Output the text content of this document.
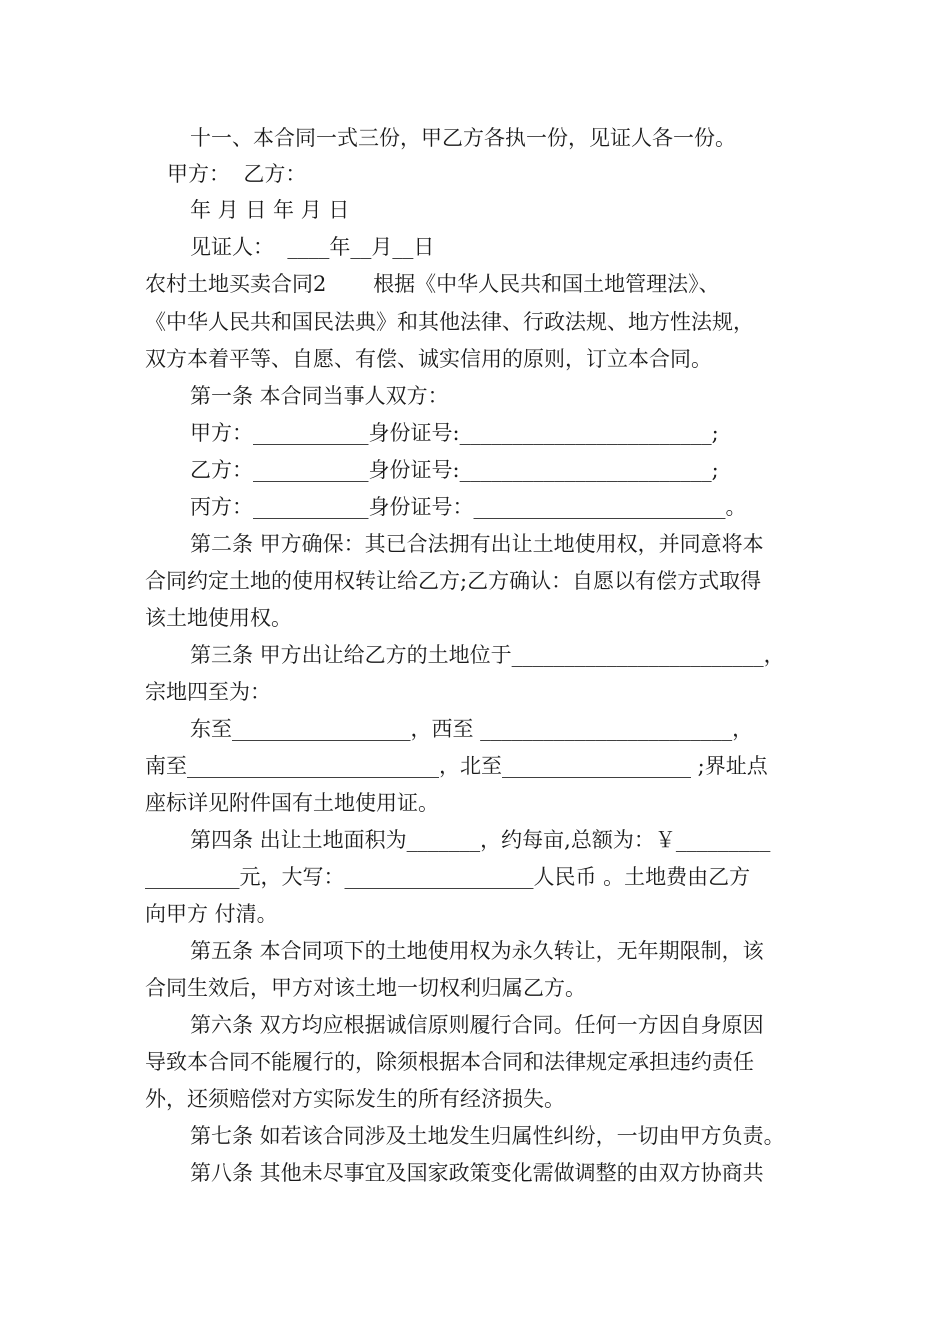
十一、本合同一式三份，甲乙方各执一份，见证人各一份。
甲方：  乙方：
年 月 日 年 月 日
见证人：  ____年__月__日
农村土地买卖合同2       根据《中华人民共和国土地管理法》、
《中华人民共和国民法典》和其他法律、行政法规、地方性法规，
双方本着平等、自愿、有偿、诚实信用的原则，订立本合同。
第一条 本合同当事人双方：
甲方：___________身份证号:________________________;
乙方：___________身份证号:________________________;
丙方：___________身份证号：________________________。
第二条 甲方确保：其已合法拥有出让土地使用权，并同意将本
合同约定土地的使用权转让给乙方;乙方确认：自愿以有偿方式取得
该土地使用权。
第三条 甲方出让给乙方的土地位于________________________，
宗地四至为：
东至_________________，西至 ________________________，
南至________________________，北至__________________ ;界址点
座标详见附件国有土地使用证。
第四条 出让土地面积为_______，约每亩,总额为：￥_________
_________元，大写：__________________人民币 。土地费由乙方
向甲方 付清。
第五条 本合同项下的土地使用权为永久转让，无年期限制，该
合同生效后，甲方对该土地一切权利归属乙方。
第六条 双方均应根据诚信原则履行合同。任何一方因自身原因
导致本合同不能履行的，除须根据本合同和法律规定承担违约责任
外，还须赔偿对方实际发生的所有经济损失。
第七条 如若该合同涉及土地发生归属性纠纷，一切由甲方负责。
第八条 其他未尽事宜及国家政策变化需做调整的由双方协商共
